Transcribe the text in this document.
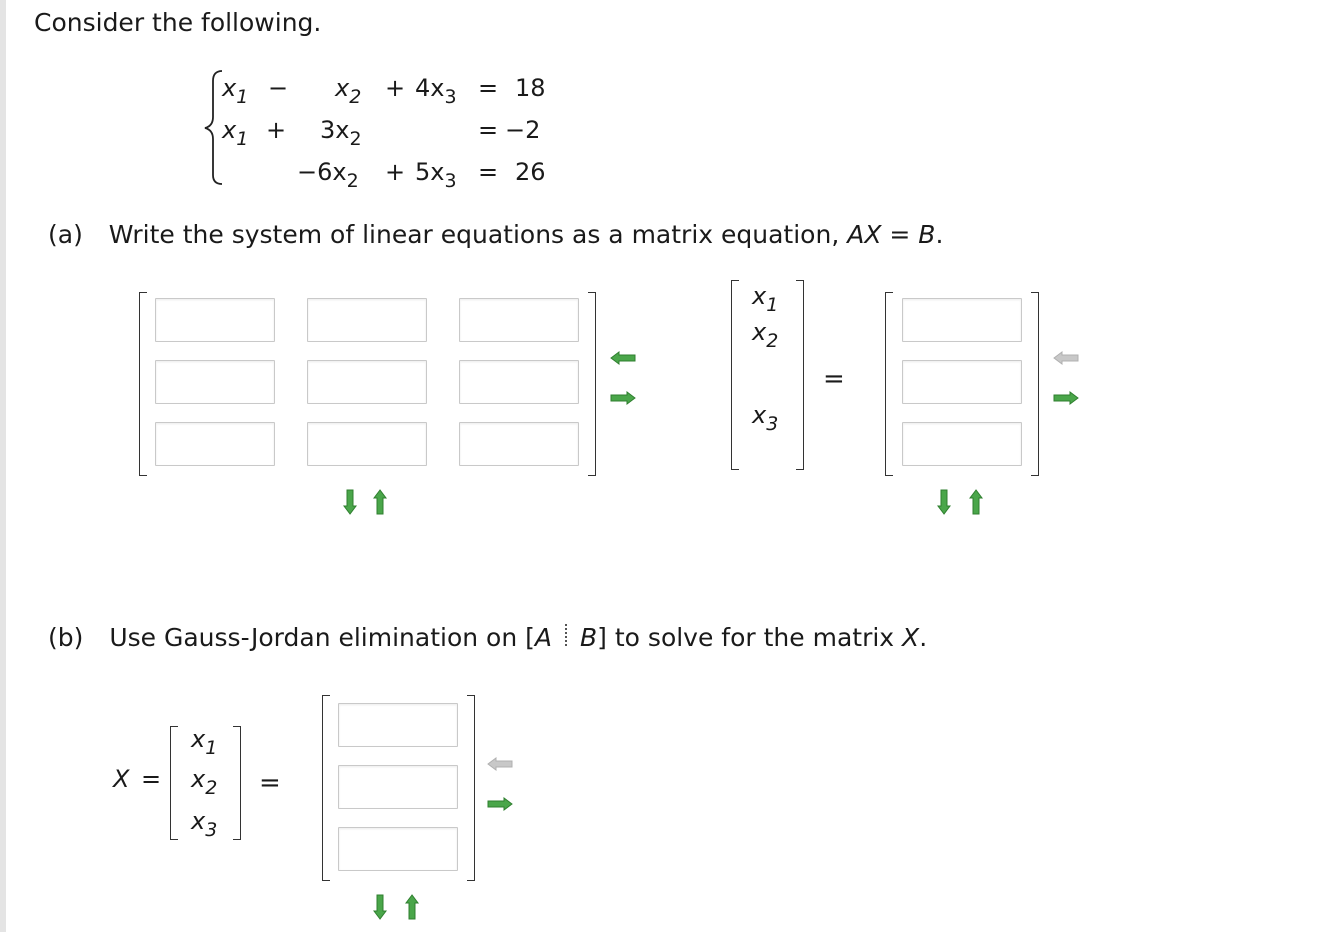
Consider the following.
$x_1 - x_2 + 4x_3 = 18$
$x_1 + 3x_2$	= −2
$-6x_2 + 5x_3 = 26$
(a) Write the system of linear equations as a matrix equation, AX = B.
$x_1$
$x_2$
$x_3$
=
(b) Use Gauss-Jordan elimination on [A B] to solve for the matrix X.
X =
$x_1$
$x_2$
$x_3$
=
